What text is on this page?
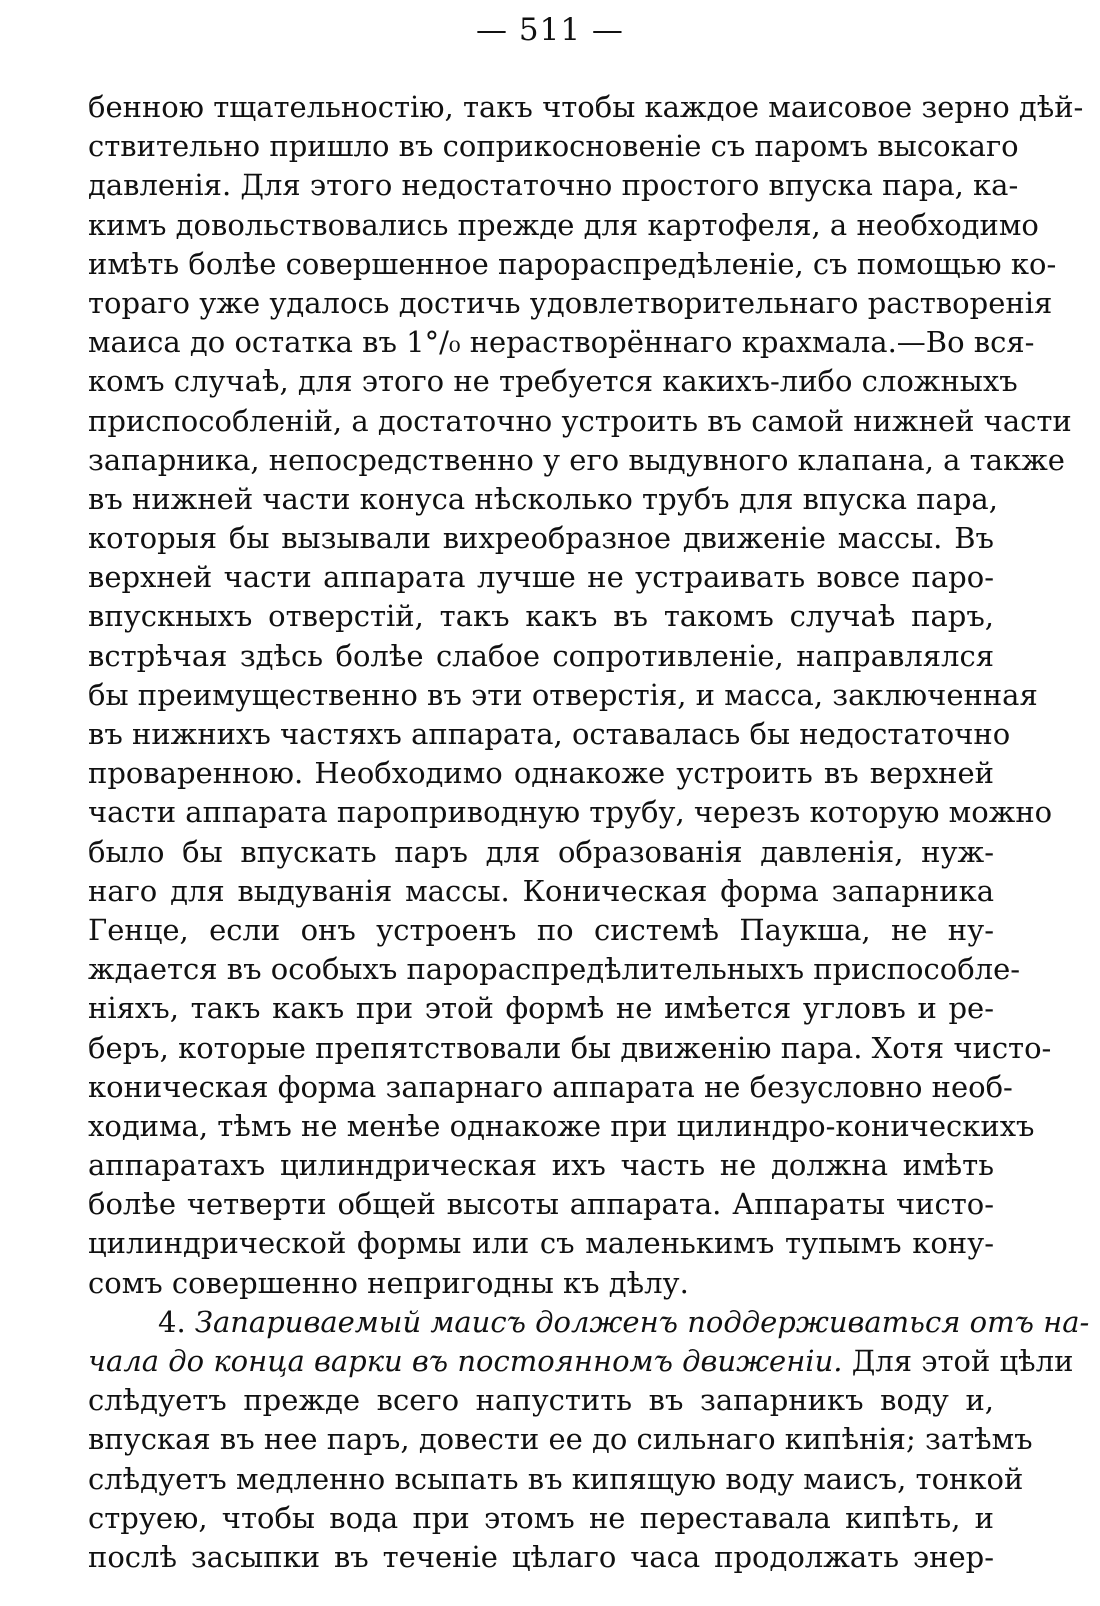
— 511 —
бенною тщательностію, такъ чтобы каждое маисовое зерно дѣй-
ствительно пришло въ соприкосновеніе съ паромъ высокаго
давленія. Для этого недостаточно простого впуска пара, ка-
кимъ довольствовались прежде для картофеля, а необходимо
имѣть болѣе совершенное парораспредѣленіе, съ помощью ко-
тораго уже удалось достичь удовлетворительнаго растворенія
маиса до остатка въ 1°/₀ нерастворённаго крахмала.—Во вся-
комъ случаѣ, для этого не требуется какихъ-либо сложныхъ
приспособленій, а достаточно устроить въ самой нижней части
запарника, непосредственно у его выдувного клапана, а также
въ нижней части конуса нѣсколько трубъ для впуска пара,
которыя бы вызывали вихреобразное движеніе массы. Въ
верхней части аппарата лучше не устраивать вовсе паро-
впускныхъ отверстій, такъ какъ въ такомъ случаѣ паръ,
встрѣчая здѣсь болѣе слабое сопротивленіе, направлялся
бы преимущественно въ эти отверстія, и масса, заключенная
въ нижнихъ частяхъ аппарата, оставалась бы недостаточно
проваренною. Необходимо однакоже устроить въ верхней
части аппарата пароприводную трубу, черезъ которую можно
было бы впускать паръ для образованія давленія, нуж-
наго для выдуванія массы. Коническая форма запарника
Генце, если онъ устроенъ по системѣ Паукша, не ну-
ждается въ особыхъ парораспредѣлительныхъ приспособле-
ніяхъ, такъ какъ при этой формѣ не имѣется угловъ и ре-
беръ, которые препятствовали бы движенію пара. Хотя чисто-
коническая форма запарнаго аппарата не безусловно необ-
ходима, тѣмъ не менѣе однакоже при цилиндро-коническихъ
аппаратахъ цилиндрическая ихъ часть не должна имѣть
болѣе четверти общей высоты аппарата. Аппараты чисто-
цилиндрической формы или съ маленькимъ тупымъ кону-
сомъ совершенно непригодны къ дѣлу.
4. Запариваемый маисъ долженъ поддерживаться отъ на-
чала до конца варки въ постоянномъ движеніи. Для этой цѣли
слѣдуетъ прежде всего напустить въ запарникъ воду и,
впуская въ нее паръ, довести ее до сильнаго кипѣнія; затѣмъ
слѣдуетъ медленно всыпать въ кипящую воду маисъ, тонкой
струею, чтобы вода при этомъ не переставала кипѣть, и
послѣ засыпки въ теченіе цѣлаго часа продолжать энер-
